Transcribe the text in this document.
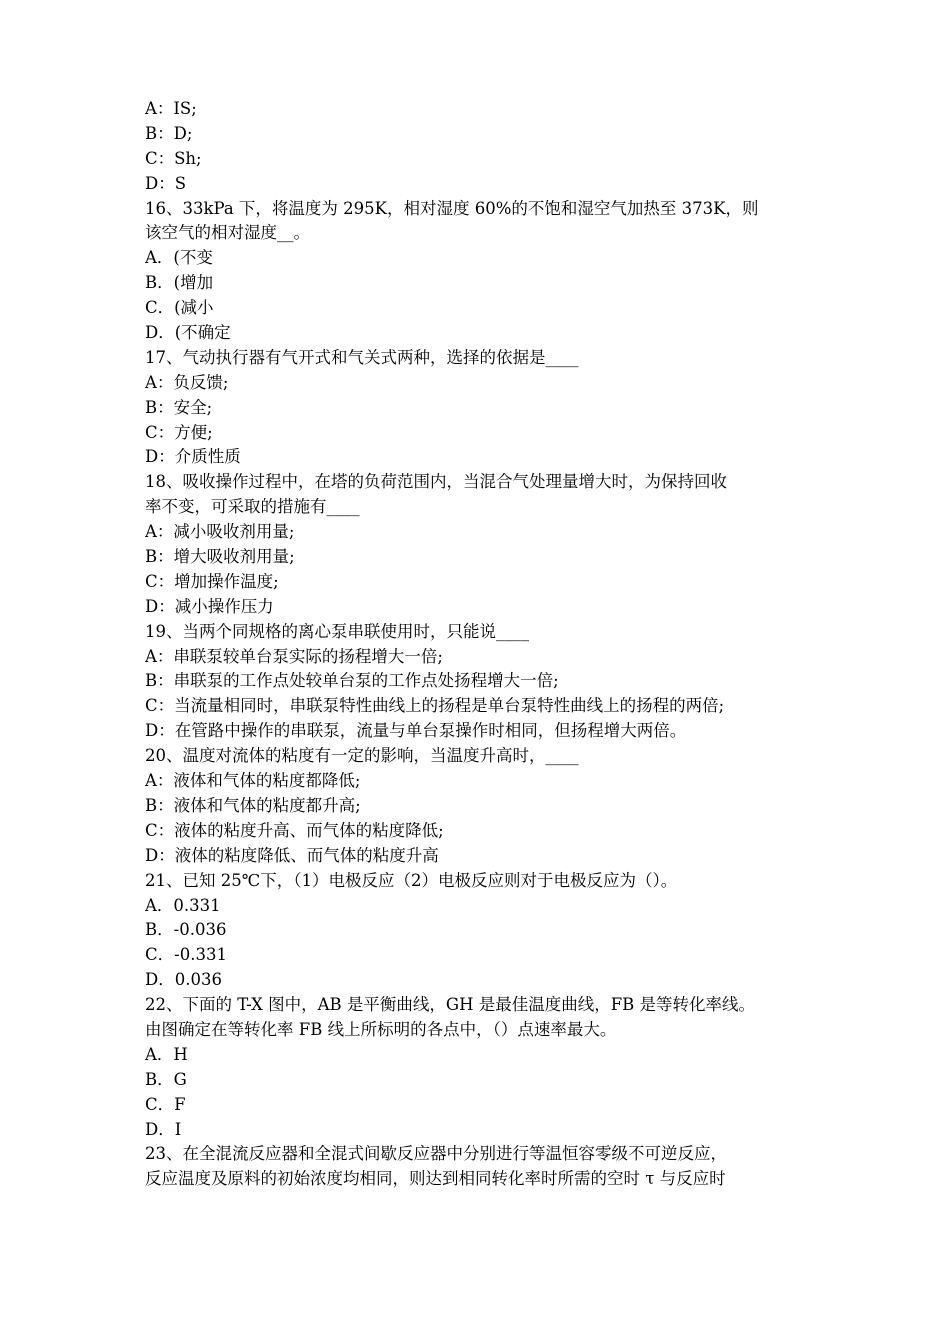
A：IS;
B：D;
C：Sh;
D：S
16、33kPa 下，将温度为 295K，相对湿度 60%的不饱和湿空气加热至 373K，则
该空气的相对湿度__。
A．(不变
B．(增加
C．(减小
D．(不确定
17、气动执行器有气开式和气关式两种，选择的依据是____
A：负反馈;
B：安全;
C：方便;
D：介质性质
18、吸收操作过程中，在塔的负荷范围内，当混合气处理量增大时，为保持回收
率不变，可采取的措施有____
A：减小吸收剂用量;
B：增大吸收剂用量;
C：增加操作温度;
D：减小操作压力
19、当两个同规格的离心泵串联使用时，只能说____
A：串联泵较单台泵实际的扬程增大一倍;
B：串联泵的工作点处较单台泵的工作点处扬程增大一倍;
C：当流量相同时，串联泵特性曲线上的扬程是单台泵特性曲线上的扬程的两倍;
D：在管路中操作的串联泵，流量与单台泵操作时相同，但扬程增大两倍。
20、温度对流体的粘度有一定的影响，当温度升高时，____
A：液体和气体的粘度都降低;
B：液体和气体的粘度都升高;
C：液体的粘度升高、而气体的粘度降低;
D：液体的粘度降低、而气体的粘度升高
21、已知 25℃下，（1）电极反应（2）电极反应则对于电极反应为（）。
A．0.331
B．-0.036
C．-0.331
D．0.036
22、下面的 T-X 图中，AB 是平衡曲线，GH 是最佳温度曲线，FB 是等转化率线。
由图确定在等转化率 FB 线上所标明的各点中，（）点速率最大。
A．H
B．G
C．F
D．I
23、在全混流反应器和全混式间歇反应器中分别进行等温恒容零级不可逆反应，
反应温度及原料的初始浓度均相同，则达到相同转化率时所需的空时 τ 与反应时
